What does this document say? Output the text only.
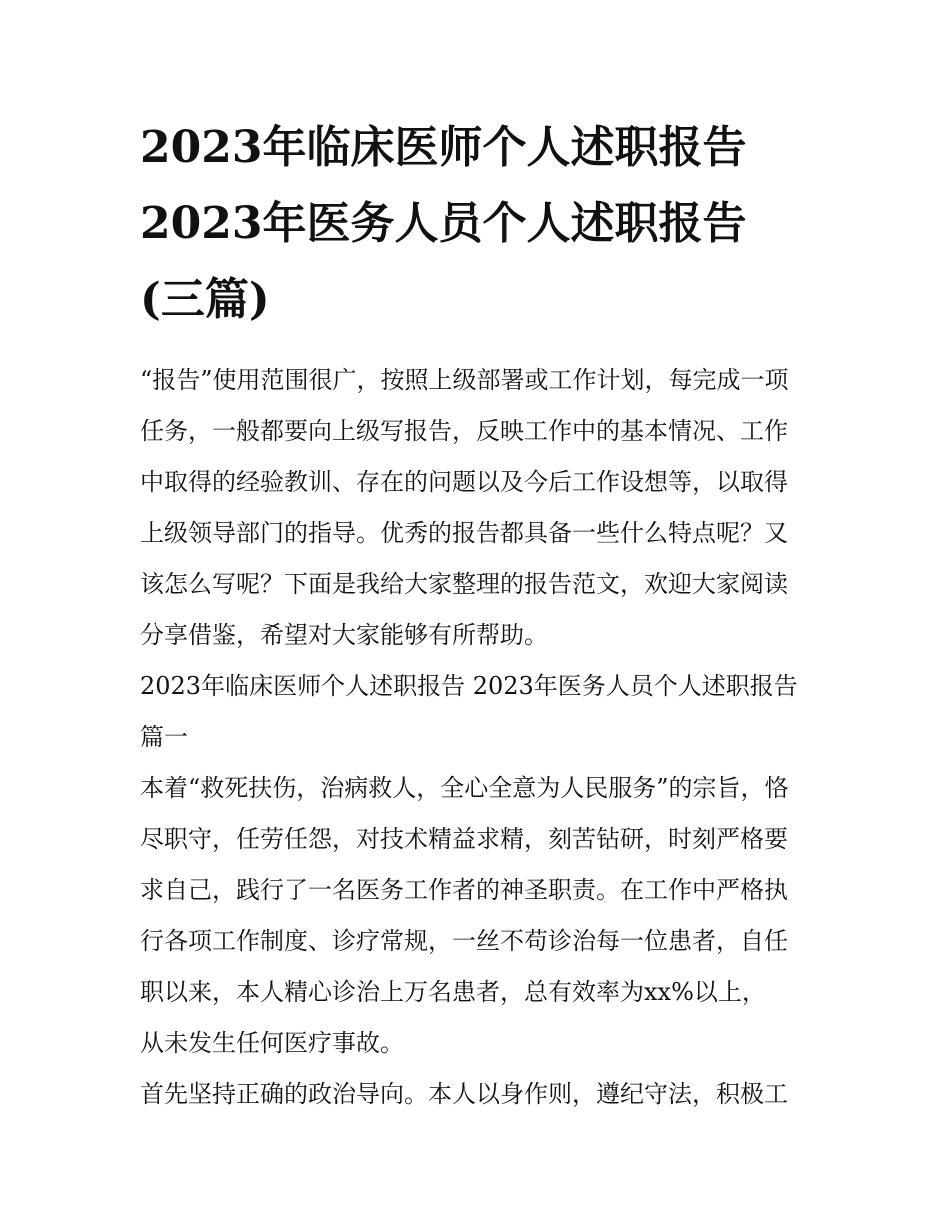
2023年临床医师个人述职报告
2023年医务人员个人述职报告
(三篇)
“报告”使用范围很广，按照上级部署或工作计划，每完成一项
任务，一般都要向上级写报告，反映工作中的基本情况、工作
中取得的经验教训、存在的问题以及今后工作设想等，以取得
上级领导部门的指导。优秀的报告都具备一些什么特点呢？又
该怎么写呢？下面是我给大家整理的报告范文，欢迎大家阅读
分享借鉴，希望对大家能够有所帮助。
2023年临床医师个人述职报告 2023年医务人员个人述职报告
篇一
本着“救死扶伤，治病救人，全心全意为人民服务”的宗旨，恪
尽职守，任劳任怨，对技术精益求精，刻苦钻研，时刻严格要
求自己，践行了一名医务工作者的神圣职责。在工作中严格执
行各项工作制度、诊疗常规，一丝不苟诊治每一位患者，自任
职以来，本人精心诊治上万名患者，总有效率为xx%以上，
从未发生任何医疗事故。
首先坚持正确的政治导向。本人以身作则，遵纪守法，积极工
